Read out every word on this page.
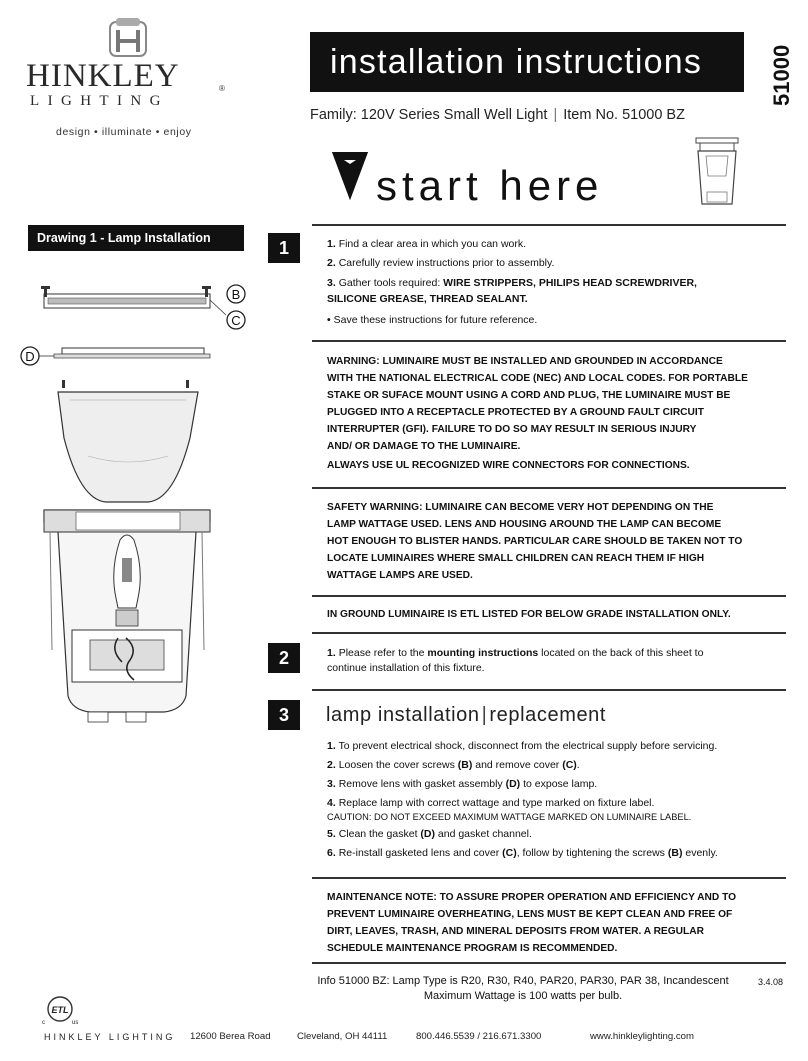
HINKLEY	®
LIGHTING
design • illuminate • enjoy
installation instructions	51000
Family: 120V Series Small Well Light | Item No. 51000 BZ
start here
Drawing 1 - Lamp Installation
B
C
D
1	1. Find a clear area in which you can work.
2. Carefully review instructions prior to assembly.
3. Gather tools required: WIRE STRIPPERS, PHILIPS HEAD SCREWDRIVER,
SILICONE GREASE, THREAD SEALANT.
• Save these instructions for future reference.
WARNING: LUMINAIRE MUST BE INSTALLED AND GROUNDED IN ACCORDANCE
WITH THE NATIONAL ELECTRICAL CODE (NEC) AND LOCAL CODES. FOR PORTABLE
STAKE OR SUFACE MOUNT USING A CORD AND PLUG, THE LUMINAIRE MUST BE
PLUGGED INTO A RECEPTACLE PROTECTED BY A GROUND FAULT CIRCUIT
INTERRUPTER (GFI). FAILURE TO DO SO MAY RESULT IN SERIOUS INJURY
AND/ OR DAMAGE TO THE LUMINAIRE.
ALWAYS USE UL RECOGNIZED WIRE CONNECTORS FOR CONNECTIONS.
SAFETY WARNING: LUMINAIRE CAN BECOME VERY HOT DEPENDING ON THE
LAMP WATTAGE USED. LENS AND HOUSING AROUND THE LAMP CAN BECOME
HOT ENOUGH TO BLISTER HANDS. PARTICULAR CARE SHOULD BE TAKEN NOT TO
LOCATE LUMINAIRES WHERE SMALL CHILDREN CAN REACH THEM IF HIGH
WATTAGE LAMPS ARE USED.
IN GROUND LUMINAIRE IS ETL LISTED FOR BELOW GRADE INSTALLATION ONLY.
2	1. Please refer to the mounting instructions located on the back of this sheet to
continue installation of this fixture.
3	lamp installation | replacement
1. To prevent electrical shock, disconnect from the electrical supply before servicing.
2. Loosen the cover screws (B) and remove cover (C).
3. Remove lens with gasket assembly (D) to expose lamp.
4. Replace lamp with correct wattage and type marked on fixture label.
CAUTION: DO NOT EXCEED MAXIMUM WATTAGE MARKED ON LUMINAIRE LABEL.
5. Clean the gasket (D) and gasket channel.
6. Re-install gasketed lens and cover (C), follow by tightening the screws (B) evenly.
MAINTENANCE NOTE: TO ASSURE PROPER OPERATION AND EFFICIENCY AND TO
PREVENT LUMINAIRE OVERHEATING, LENS MUST BE KEPT CLEAN AND FREE OF
DIRT, LEAVES, TRASH, AND MINERAL DEPOSITS FROM WATER. A REGULAR
SCHEDULE MAINTENANCE PROGRAM IS RECOMMENDED.
Info 51000 BZ: Lamp Type is R20, R30, R40, PAR20, PAR30, PAR 38, Incandescent
Maximum Wattage is 100 watts per bulb.
3.4.08
ETL
c	us
HINKLEY LIGHTING 12600 Berea Road	Cleveland, OH 44111	800.446.5539 / 216.671.3300	www.hinkleylighting.com
